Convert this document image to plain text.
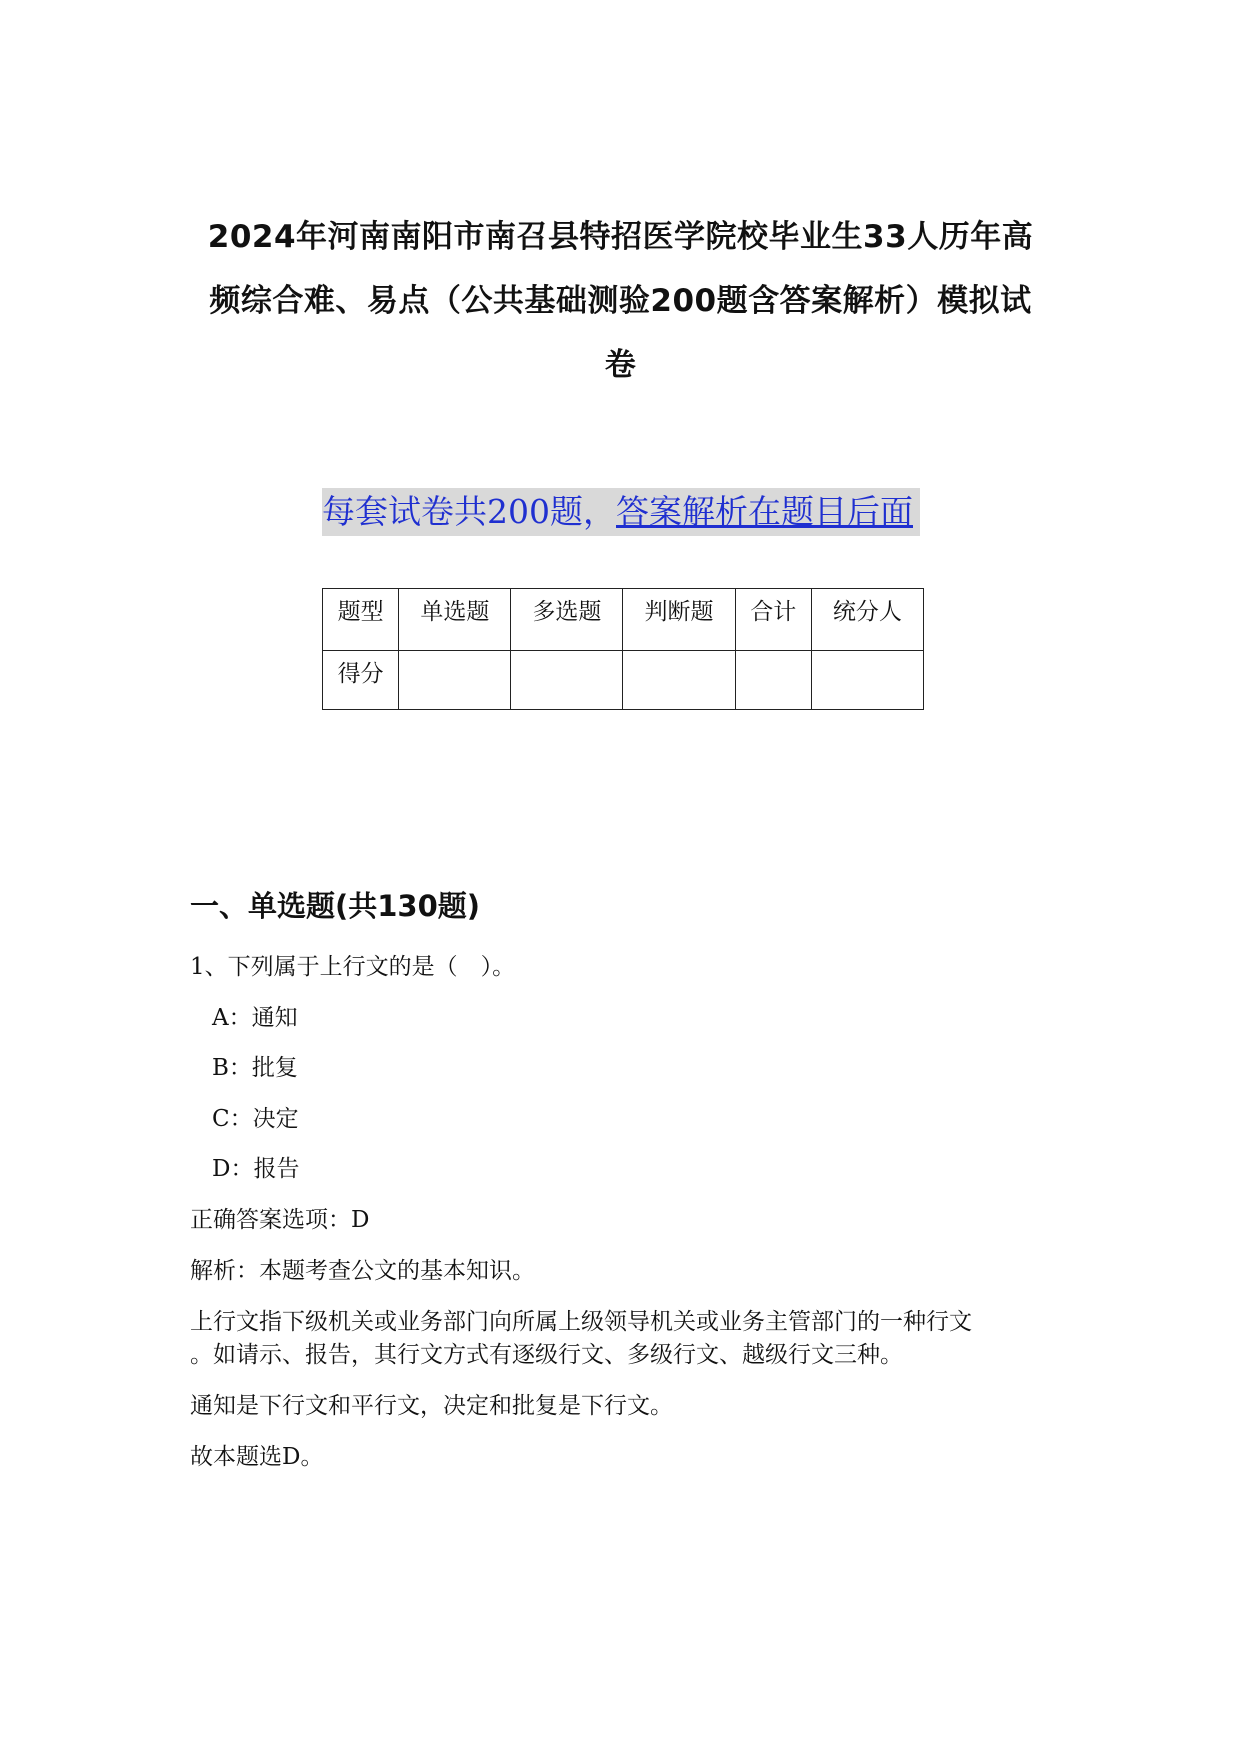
2024年河南南阳市南召县特招医学院校毕业生33人历年高
频综合难、易点（公共基础测验200题含答案解析）模拟试
卷
每套试卷共200题，答案解析在题目后面
题型	单选题	多选题	判断题	合计	统分人
得分					
一、单选题(共130题)

1、下列属于上行文的是（　）。

A：通知

B：批复

C：决定

D：报告

正确答案选项：D

解析：本题考查公文的基本知识。

上行文指下级机关或业务部门向所属上级领导机关或业务主管部门的一种行文

。如请示、报告，其行文方式有逐级行文、多级行文、越级行文三种。

通知是下行文和平行文，决定和批复是下行文。

故本题选D。
